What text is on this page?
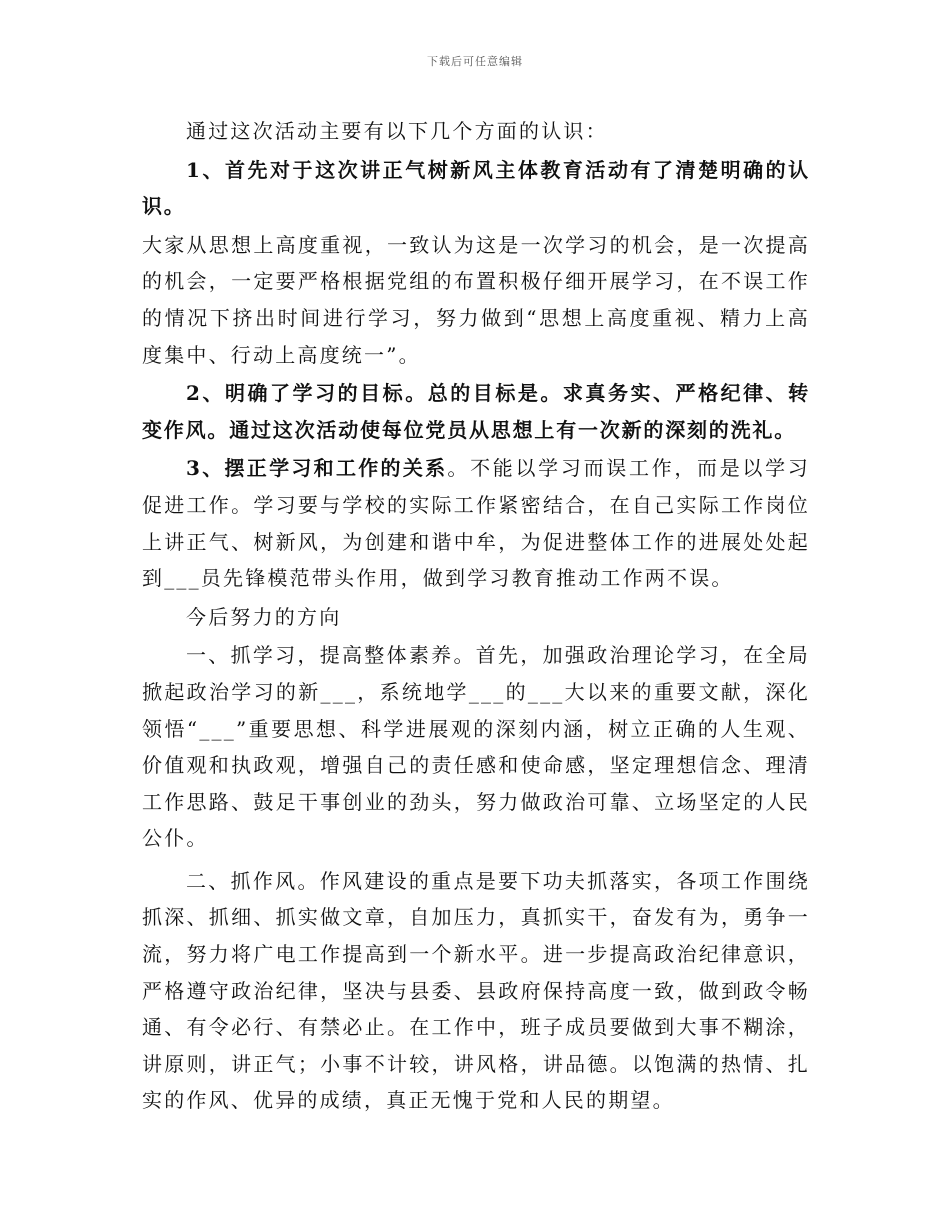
下载后可任意编辑

通过这次活动主要有以下几个方面的认识：

1、首先对于这次讲正气树新风主体教育活动有了清楚明确的认识。

大家从思想上高度重视，一致认为这是一次学习的机会，是一次提高的机会，一定要严格根据党组的布置积极仔细开展学习，在不误工作的情况下挤出时间进行学习，努力做到“思想上高度重视、精力上高度集中、行动上高度统一”。

2、明确了学习的目标。总的目标是。求真务实、严格纪律、转变作风。通过这次活动使每位党员从思想上有一次新的深刻的洗礼。

3、摆正学习和工作的关系。不能以学习而误工作，而是以学习促进工作。学习要与学校的实际工作紧密结合，在自己实际工作岗位上讲正气、树新风，为创建和谐中牟，为促进整体工作的进展处处起到___员先锋模范带头作用，做到学习教育推动工作两不误。

今后努力的方向

一、抓学习，提高整体素养。首先，加强政治理论学习，在全局掀起政治学习的新___，系统地学___的___大以来的重要文献，深化领悟“___”重要思想、科学进展观的深刻内涵，树立正确的人生观、价值观和执政观，增强自己的责任感和使命感，坚定理想信念、理清工作思路、鼓足干事创业的劲头，努力做政治可靠、立场坚定的人民公仆。

二、抓作风。作风建设的重点是要下功夫抓落实，各项工作围绕抓深、抓细、抓实做文章，自加压力，真抓实干，奋发有为，勇争一流，努力将广电工作提高到一个新水平。进一步提高政治纪律意识，严格遵守政治纪律，坚决与县委、县政府保持高度一致，做到政令畅通、有令必行、有禁必止。在工作中，班子成员要做到大事不糊涂，讲原则，讲正气；小事不计较，讲风格，讲品德。以饱满的热情、扎实的作风、优异的成绩，真正无愧于党和人民的期望。
